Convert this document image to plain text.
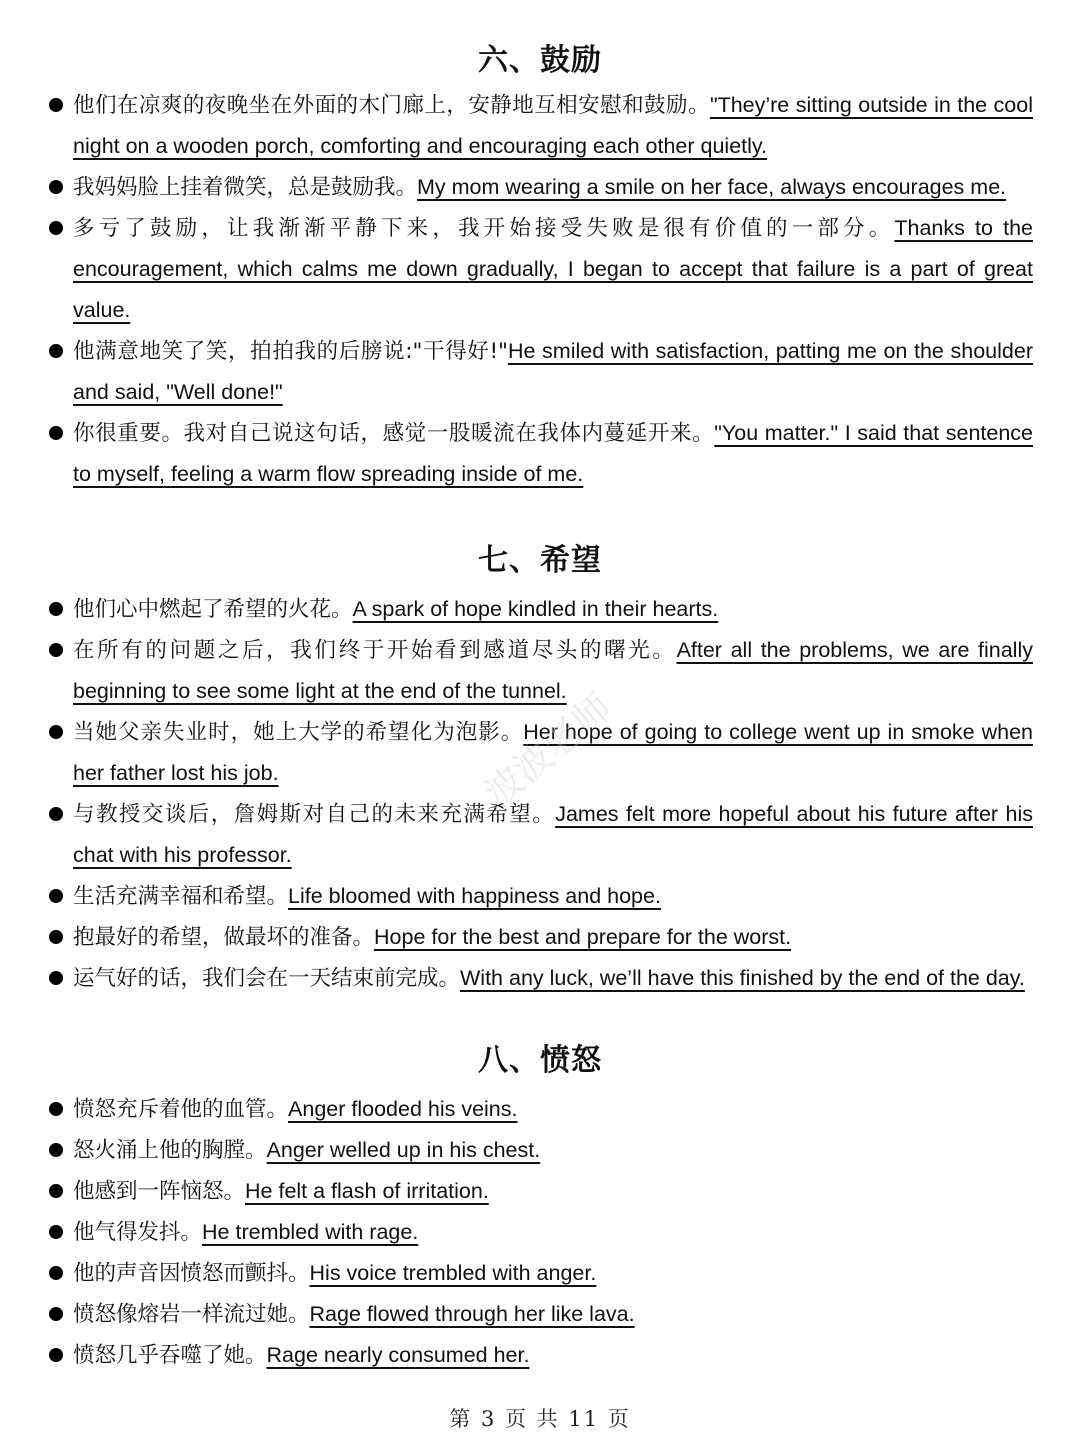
六、鼓励
他们在凉爽的夜晚坐在外面的木门廊上，安静地互相安慰和鼓励。"They’re sitting outside in the cool night on a wooden porch, comforting and encouraging each other quietly.
我妈妈脸上挂着微笑，总是鼓励我。My mom wearing a smile on her face, always encourages me.
多亏了鼓励，让我渐渐平静下来，我开始接受失败是很有价值的一部分。Thanks to the encouragement, which calms me down gradually, I began to accept that failure is a part of great value.
他满意地笑了笑，拍拍我的后膀说:"干得好!"He smiled with satisfaction, patting me on the shoulder and said, "Well done!"
你很重要。我对自己说这句话，感觉一股暖流在我体内蔓延开来。"You matter." I said that sentence to myself, feeling a warm flow spreading inside of me.
七、希望
他们心中燃起了希望的火花。A spark of hope kindled in their hearts.
在所有的问题之后，我们终于开始看到感道尽头的曙光。After all the problems, we are finally beginning to see some light at the end of the tunnel.
当她父亲失业时，她上大学的希望化为泡影。Her hope of going to college went up in smoke when her father lost his job.
与教授交谈后，詹姆斯对自己的未来充满希望。James felt more hopeful about his future after his chat with his professor.
生活充满幸福和希望。Life bloomed with happiness and hope.
抱最好的希望，做最坏的准备。Hope for the best and prepare for the worst.
运气好的话，我们会在一天结束前完成。With any luck, we’ll have this finished by the end of the day.
八、愤怒
愤怒充斥着他的血管。Anger flooded his veins.
怒火涌上他的胸膛。Anger welled up in his chest.
他感到一阵恼怒。He felt a flash of irritation.
他气得发抖。He trembled with rage.
他的声音因愤怒而颤抖。His voice trembled with anger.
愤怒像熔岩一样流过她。Rage flowed through her like lava.
愤怒几乎吞噬了她。Rage nearly consumed her.
波波老师
第 3 页 共 11 页
